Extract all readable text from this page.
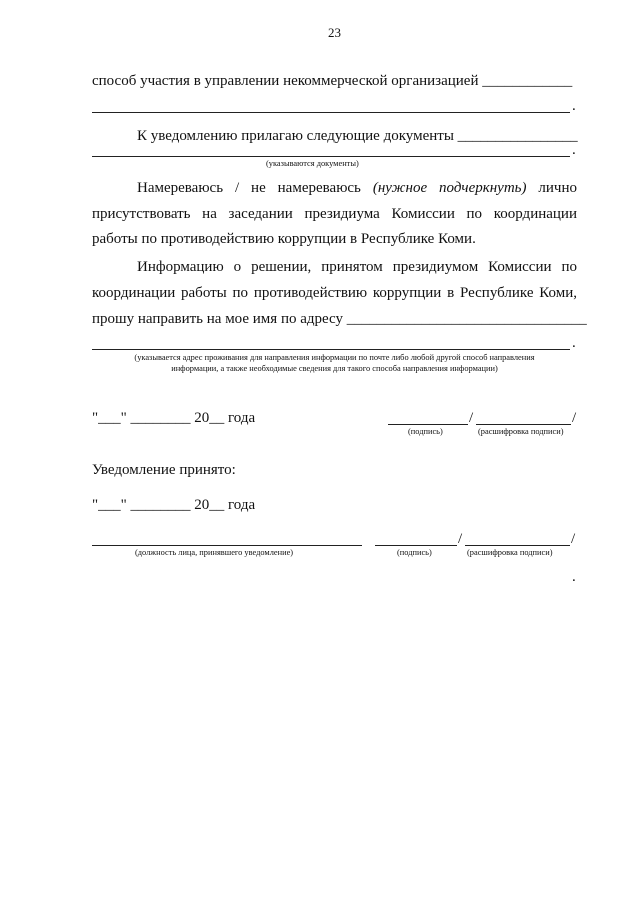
23
способ участия в управлении некоммерческой организацией ____________
.
К уведомлению прилагаю следующие документы ________________
.
(указываются документы)
Намереваюсь / не намереваюсь (нужное подчеркнуть) лично
присутствовать на заседании президиума Комиссии по координации
работы по противодействию коррупции в Республике Коми.
Информацию о решении, принятом президиумом Комиссии по
координации работы по противодействию коррупции в Республике Коми,
прошу направить на мое имя по адресу ________________________________
.
(указывается адрес проживания для направления информации по почте либо любой другой способ направления
информации, а также необходимые сведения для такого способа направления информации)
"___" ________ 20__ года	/	/
(подпись)	(расшифровка подписи)
Уведомление принято:
"___" ________ 20__ года
/	/
(должность лица, принявшего уведомление)	(подпись)	(расшифровка подписи)
.
